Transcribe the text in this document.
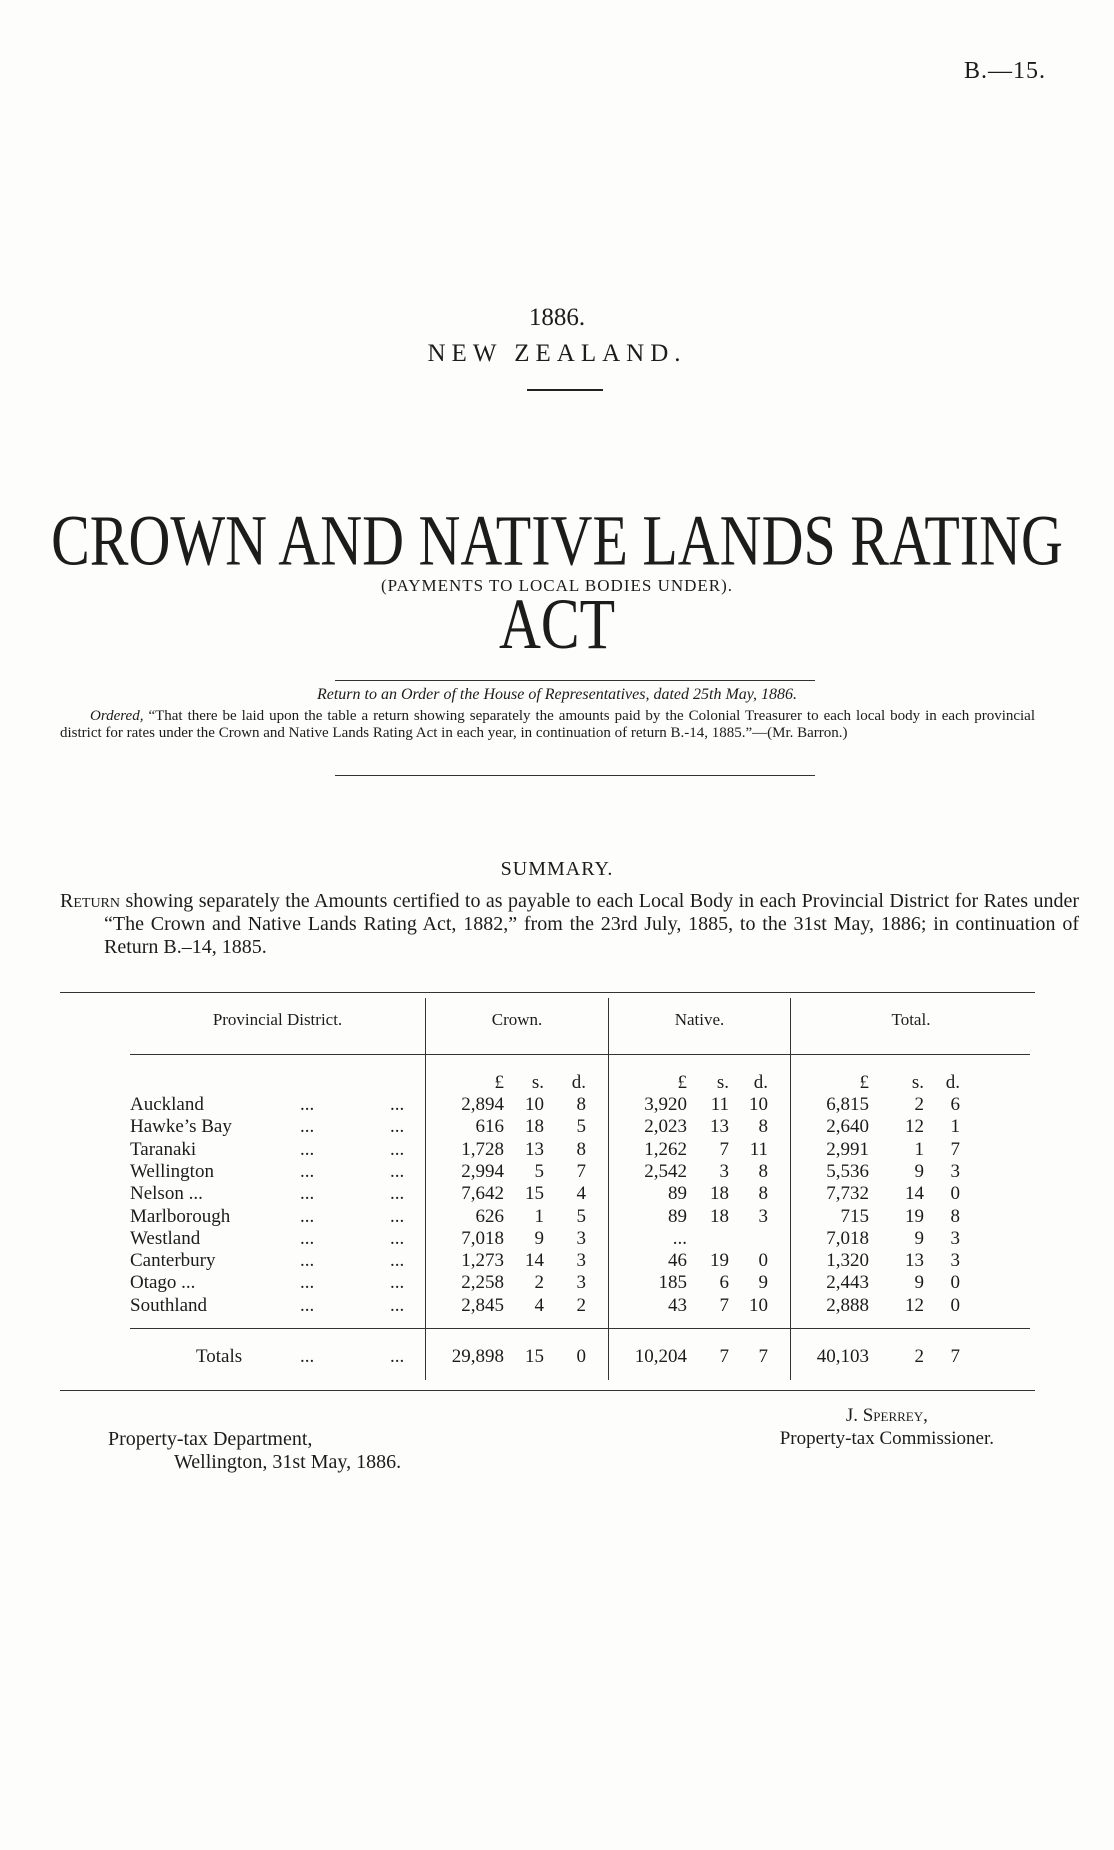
B.—15.
1886.
NEW ZEALAND.
CROWN AND NATIVE LANDS RATING ACT
(PAYMENTS TO LOCAL BODIES UNDER).
Return to an Order of the House of Representatives, dated 25th May, 1886.
Ordered, “That there be laid upon the table a return showing separately the amounts paid by the Colonial Treasurer to each local body in each provincial district for rates under the Crown and Native Lands Rating Act in each year, in continuation of return B.-14, 1885.”—(Mr. Barron.)
SUMMARY.
Return showing separately the Amounts certified to as payable to each Local Body in each Provincial District for Rates under “The Crown and Native Lands Rating Act, 1882,” from the 23rd July, 1885, to the 31st May, 1886; in continuation of Return B.–14, 1885.
Provincial District.	Crown.	Native.	Total.
£	s.	d.	£	s.	d.	£	s.	d.
Auckland	...	...	2,894	10	8	3,920	11	10	6,815	2	6
Hawke’s Bay	...	...	616	18	5	2,023	13	8	2,640	12	1
Taranaki	...	...	1,728	13	8	1,262	7	11	2,991	1	7
Wellington	...	...	2,994	5	7	2,542	3	8	5,536	9	3
Nelson ...	...	...	7,642	15	4	89	18	8	7,732	14	0
Marlborough	...	...	626	1	5	89	18	3	715	19	8
Westland	...	...	7,018	9	3	...	7,018	9	3
Canterbury	...	...	1,273	14	3	46	19	0	1,320	13	3
Otago ...	...	...	2,258	2	3	185	6	9	2,443	9	0
Southland	...	...	2,845	4	2	43	7	10	2,888	12	0
Totals	...	...	29,898	15	0	10,204	7	7	40,103	2	7
J. Sperrey,
Property-tax Commissioner.
Property-tax Department,
Wellington, 31st May, 1886.
